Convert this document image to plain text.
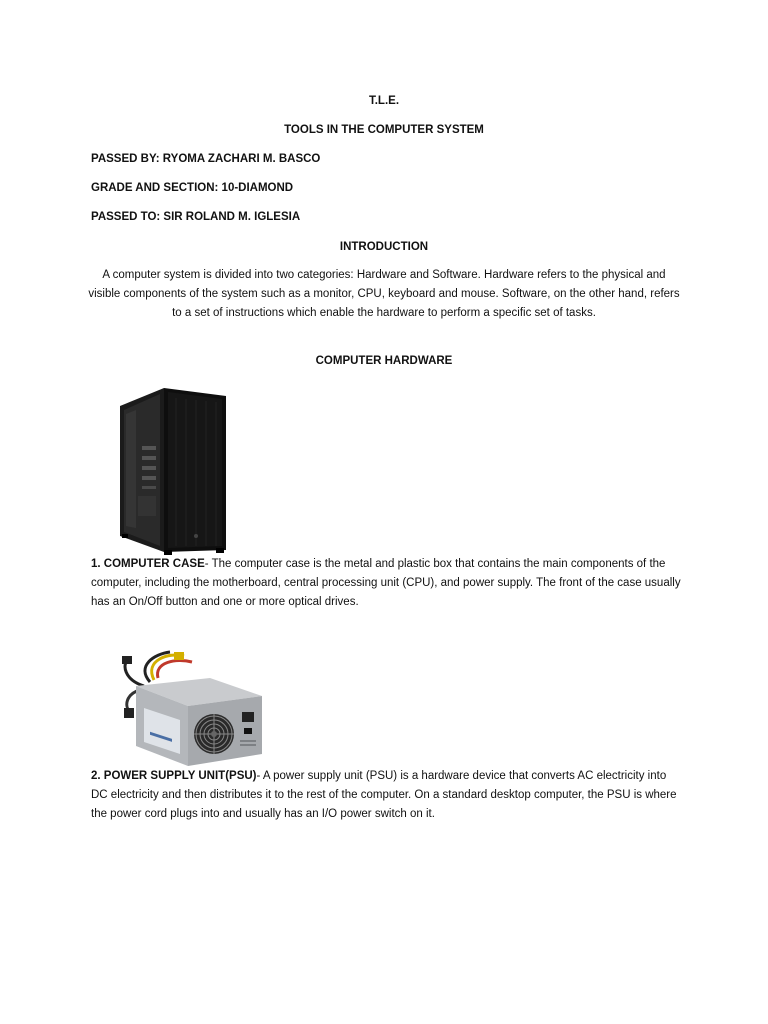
T.L.E.
TOOLS IN THE COMPUTER SYSTEM
PASSED BY: RYOMA ZACHARI M. BASCO
GRADE AND SECTION: 10-DIAMOND
PASSED TO: SIR ROLAND M. IGLESIA
INTRODUCTION
A computer system is divided into two categories: Hardware and Software. Hardware refers to the physical and visible components of the system such as a monitor, CPU, keyboard and mouse. Software, on the other hand, refers to a set of instructions which enable the hardware to perform a specific set of tasks.
COMPUTER HARDWARE
1. COMPUTER CASE- The computer case is the metal and plastic box that contains the main components of the computer, including the motherboard, central processing unit (CPU), and power supply. The front of the case usually has an On/Off button and one or more optical drives.
2. POWER SUPPLY UNIT(PSU)- A power supply unit (PSU) is a hardware device that converts AC electricity into DC electricity and then distributes it to the rest of the computer. On a standard desktop computer, the PSU is where the power cord plugs into and usually has an I/O power switch on it.
